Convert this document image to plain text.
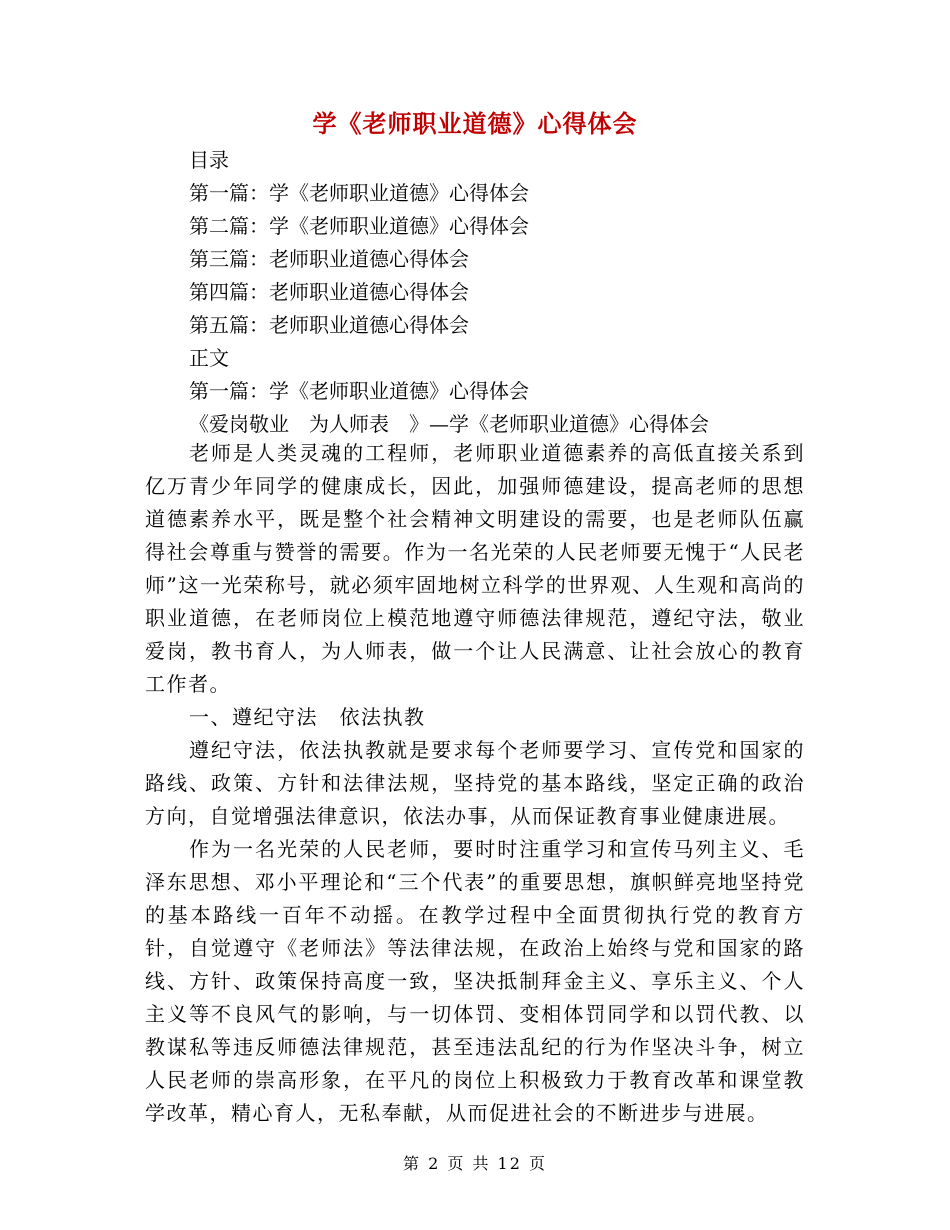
学《老师职业道德》心得体会
目录
第一篇：学《老师职业道德》心得体会
第二篇：学《老师职业道德》心得体会
第三篇：老师职业道德心得体会
第四篇：老师职业道德心得体会
第五篇：老师职业道德心得体会
正文
第一篇：学《老师职业道德》心得体会
《爱岗敬业　为人师表　》—学《老师职业道德》心得体会

老师是人类灵魂的工程师，老师职业道德素养的高低直接关系到亿万青少年同学的健康成长，因此，加强师德建设，提高老师的思想道德素养水平，既是整个社会精神文明建设的需要，也是老师队伍赢得社会尊重与赞誉的需要。作为一名光荣的人民老师要无愧于“人民老师”这一光荣称号，就必须牢固地树立科学的世界观、人生观和高尚的职业道德，在老师岗位上模范地遵守师德法律规范，遵纪守法，敬业爱岗，教书育人，为人师表，做一个让人民满意、让社会放心的教育工作者。

一、遵纪守法　依法执教

遵纪守法，依法执教就是要求每个老师要学习、宣传党和国家的路线、政策、方针和法律法规，坚持党的基本路线，坚定正确的政治方向，自觉增强法律意识，依法办事，从而保证教育事业健康进展。

作为一名光荣的人民老师，要时时注重学习和宣传马列主义、毛泽东思想、邓小平理论和“三个代表”的重要思想，旗帜鲜亮地坚持党的基本路线一百年不动摇。在教学过程中全面贯彻执行党的教育方针，自觉遵守《老师法》等法律法规，在政治上始终与党和国家的路线、方针、政策保持高度一致，坚决抵制拜金主义、享乐主义、个人主义等不良风气的影响，与一切体罚、变相体罚同学和以罚代教、以教谋私等违反师德法律规范，甚至违法乱纪的行为作坚决斗争，树立人民老师的崇高形象，在平凡的岗位上积极致力于教育改革和课堂教学改革，精心育人，无私奉献，从而促进社会的不断进步与进展。

第 2 页 共 12 页
